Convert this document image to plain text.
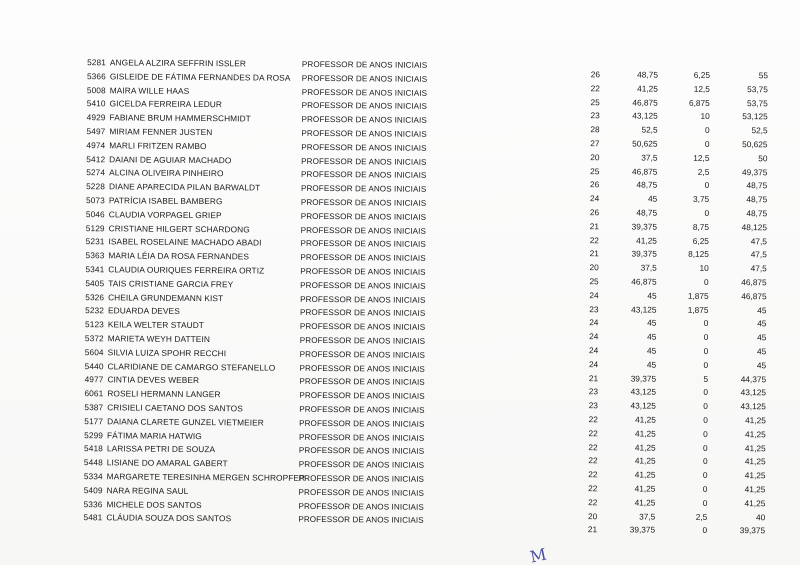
5281 ANGELA ALZIRA SEFFRIN ISSLER	PROFESSOR DE ANOS INICIAIS
5366 GISLEIDE DE FÁTIMA FERNANDES DA ROSA PROFESSOR DE ANOS INICIAIS
5008 MAIRA WILLE HAAS	PROFESSOR DE ANOS INICIAIS
5410 GICELDA FERREIRA LEDUR	PROFESSOR DE ANOS INICIAIS
4929 FABIANE BRUM HAMMERSCHMIDT	PROFESSOR DE ANOS INICIAIS
5497 MIRIAM FENNER JUSTEN	PROFESSOR DE ANOS INICIAIS
4974 MARLI FRITZEN RAMBO	PROFESSOR DE ANOS INICIAIS
5412 DAIANI DE AGUIAR MACHADO	PROFESSOR DE ANOS INICIAIS
5274 ALCINA OLIVEIRA PINHEIRO	PROFESSOR DE ANOS INICIAIS
5228 DIANE APARECIDA PILAN BARWALDT	PROFESSOR DE ANOS INICIAIS
5073 PATRÍCIA ISABEL BAMBERG	PROFESSOR DE ANOS INICIAIS
5046 CLAUDIA VORPAGEL GRIEP	PROFESSOR DE ANOS INICIAIS
5129 CRISTIANE HILGERT SCHARDONG	PROFESSOR DE ANOS INICIAIS
5231 ISABEL ROSELAINE MACHADO ABADI	PROFESSOR DE ANOS INICIAIS
5363 MARIA LÉIA DA ROSA FERNANDES	PROFESSOR DE ANOS INICIAIS
5341 CLAUDIA OURIQUES FERREIRA ORTIZ	PROFESSOR DE ANOS INICIAIS
5405 TAIS CRISTIANE GARCIA FREY	PROFESSOR DE ANOS INICIAIS
5326 CHEILA GRUNDEMANN KIST	PROFESSOR DE ANOS INICIAIS
5232 EDUARDA DEVES	PROFESSOR DE ANOS INICIAIS
5123 KEILA WELTER STAUDT	PROFESSOR DE ANOS INICIAIS
5372 MARIETA WEYH DATTEIN	PROFESSOR DE ANOS INICIAIS
5604 SILVIA LUIZA SPOHR RECCHI	PROFESSOR DE ANOS INICIAIS
5440 CLARIDIANE DE CAMARGO STEFANELLO	PROFESSOR DE ANOS INICIAIS
4977 CINTIA DEVES WEBER	PROFESSOR DE ANOS INICIAIS
6061 ROSELI HERMANN LANGER	PROFESSOR DE ANOS INICIAIS
5387 CRISIELI CAETANO DOS SANTOS	PROFESSOR DE ANOS INICIAIS
5177 DAIANA CLARETE GUNZEL VIETMEIER	PROFESSOR DE ANOS INICIAIS
5299 FÁTIMA MARIA HATWIG	PROFESSOR DE ANOS INICIAIS
5418 LARISSA PETRI DE SOUZA	PROFESSOR DE ANOS INICIAIS
5448 LISIANE DO AMARAL GABERT	PROFESSOR DE ANOS INICIAIS
5334 MARGARETE TERESINHA MERGEN SCHROPFER
PROFESSOR DE ANOS INICIAIS
5409 NARA REGINA SAUL	PROFESSOR DE ANOS INICIAIS
5336 MICHELE DOS SANTOS	PROFESSOR DE ANOS INICIAIS
5481 CLÁUDIA SOUZA DOS SANTOS	PROFESSOR DE ANOS INICIAIS
26	48,75	6,25	55
22	41,25	12,5	53,75
25	46,875	6,875	53,75
23	43,125	10	53,125
28	52,5	0	52,5
27	50,625	0	50,625
20	37,5	12,5	50
25	46,875	2,5	49,375
26	48,75	0	48,75
24	45	3,75	48,75
26	48,75	0	48,75
21	39,375	8,75	48,125
22	41,25	6,25	47,5
21	39,375	8,125	47,5
20	37,5	10	47,5
25	46,875	0	46,875
24	45	1,875	46,875
23	43,125	1,875	45
24	45	0	45
24	45	0	45
24	45	0	45
24	45	0	45
21	39,375	5	44,375
23	43,125	0	43,125
23	43,125	0	43,125
22	41,25	0	41,25
22	41,25	0	41,25
22	41,25	0	41,25
22	41,25	0	41,25
22	41,25	0	41,25
22	41,25	0	41,25
22	41,25	0	41,25
20	37,5	2,5	40
21	39,375	0	39,375
M
